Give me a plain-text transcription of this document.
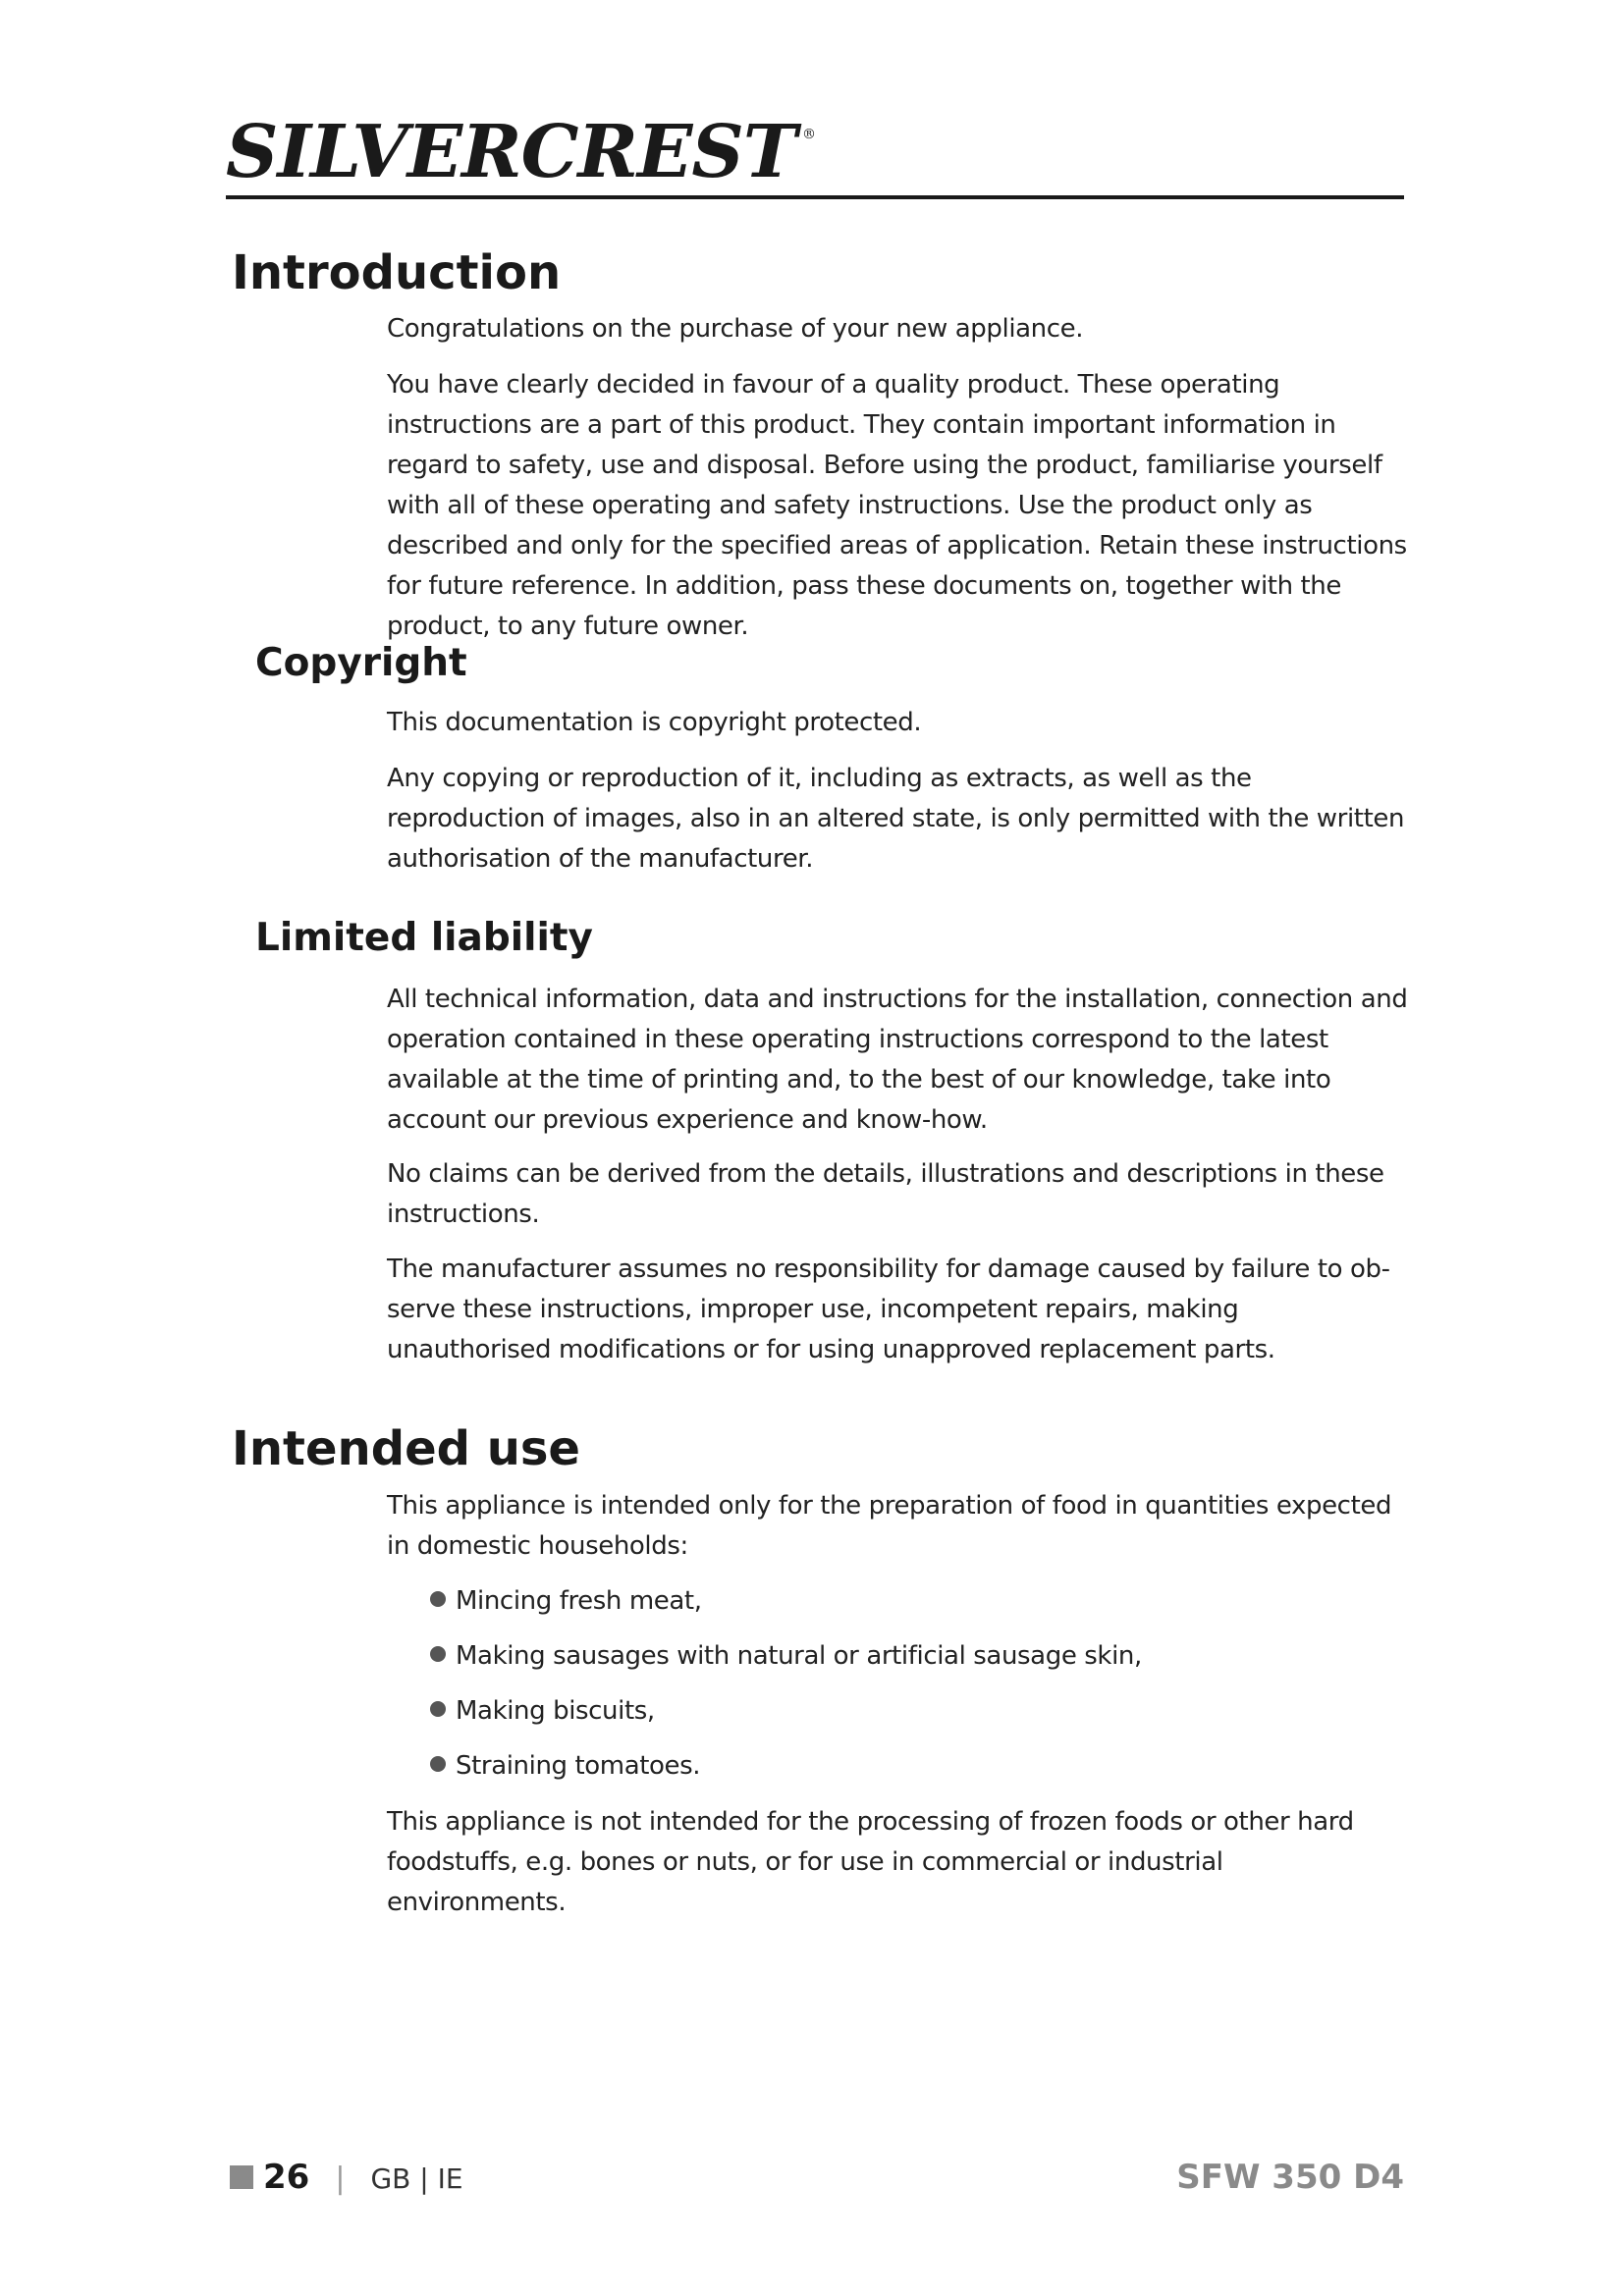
SILVERCREST ®
Introduction

Congratulations on the purchase of your new appliance.

You have clearly decided in favour of a quality product. These operating instructions are a part of this product. They contain important information in regard to safety, use and disposal. Before using the product, familiarise yourself with all of these operating and safety instructions. Use the product only as described and only for the specified areas of application. Retain these instructions for future reference. In addition, pass these documents on, together with the product, to any future owner.

Copyright

This documentation is copyright protected.

Any copying or reproduction of it, including as extracts, as well as the reproduction of images, also in an altered state, is only permitted with the written authorisation of the manufacturer.

Limited liability

All technical information, data and instructions for the installation, connection and operation contained in these operating instructions correspond to the latest available at the time of printing and, to the best of our knowledge, take into account our previous experience and know-how.

No claims can be derived from the details, illustrations and descriptions in these instructions.

The manufacturer assumes no responsibility for damage caused by failure to ob-serve these instructions, improper use, incompetent repairs, making unauthorised modifications or for using unapproved replacement parts.

Intended use

This appliance is intended only for the preparation of food in quantities expected in domestic households:

Mincing fresh meat,
Making sausages with natural or artificial sausage skin,
Making biscuits,
Straining tomatoes.

This appliance is not intended for the processing of frozen foods or other hard foodstuffs, e.g. bones or nuts, or for use in commercial or industrial environments.

26 | GB | IE	SFW 350 D4
